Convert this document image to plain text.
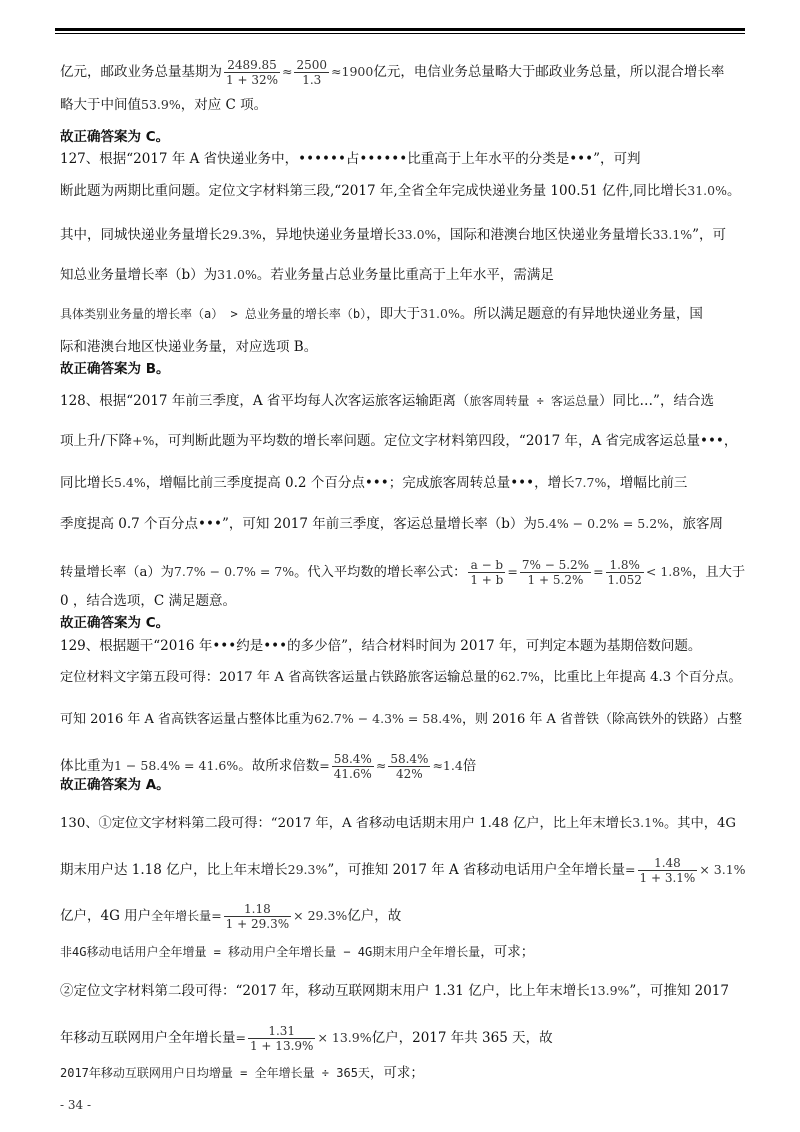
亿元，邮政业务总量基期为 $\frac{2489.85}{1 + 32\%} \approx \frac{2500}{1.3} \approx 1900$亿元，电信业务总量略大于邮政业务总量，所以混合增长率
略大于中间值53.9%，对应 C 项。
故正确答案为 C。
127、根据“2017 年 A 省快递业务中，••••••占••••••比重高于上年水平的分类是•••”，可判
断此题为两期比重问题。定位文字材料第三段,“2017 年,全省全年完成快递业务量 100.51 亿件,同比增长31.0%。
其中，同城快递业务量增长29.3%，异地快递业务量增长33.0%，国际和港澳台地区快递业务量增长33.1%”，可
知总业务量增长率（b）为31.0%。若业务量占总业务量比重高于上年水平，需满足
具体类别业务量的增长率（a） > 总业务量的增长率（b），即大于31.0%。所以满足题意的有异地快递业务量，国
际和港澳台地区快递业务量，对应选项 B。
故正确答案为 B。
128、根据“2017 年前三季度，A 省平均每人次客运旅客运输距离（旅客周转量 ÷ 客运总量）同比…”，结合选
项上升/下降+%，可判断此题为平均数的增长率问题。定位文字材料第四段，“2017 年，A 省完成客运总量•••，
同比增长5.4%，增幅比前三季度提高 0.2 个百分点•••；完成旅客周转总量•••，增长7.7%，增幅比前三
季度提高 0.7 个百分点•••”，可知 2017 年前三季度，客运总量增长率（b）为5.4% − 0.2% = 5.2%，旅客周
转量增长率（a）为7.7% − 0.7% = 7%。代入平均数的增长率公式： $\frac{a - b}{1 + b} = \frac{7\% - 5.2\%}{1 + 5.2\%} = \frac{1.8\%}{1.052} < 1.8\%$，且大于
0 ，结合选项，C 满足题意。
故正确答案为 C。
129、根据题干“2016 年•••约是•••的多少倍”，结合材料时间为 2017 年，可判定本题为基期倍数问题。
定位材料文字第五段可得：2017 年 A 省高铁客运量占铁路旅客运输总量的62.7%，比重比上年提高 4.3 个百分点。
可知 2016 年 A 省高铁客运量占整体比重为62.7% − 4.3% = 58.4%，则 2016 年 A 省普铁（除高铁外的铁路）占整
体比重为1 − 58.4% = 41.6%。故所求倍数= $\frac{58.4\%}{41.6\%} \approx \frac{58.4\%}{42\%} \approx 1.4$倍
故正确答案为 A。
130、①定位文字材料第二段可得：“2017 年，A 省移动电话期末用户 1.48 亿户，比上年末增长3.1%。其中，4G
期末用户达 1.18 亿户，比上年末增长29.3%”，可推知 2017 年 A 省移动电话用户全年增长量= $\frac{1.48}{1 + 3.1\%} \times 3.1\%$
亿户，4G 用户全年增长量= $\frac{1.18}{1 + 29.3\%} \times 29.3\%$亿户，故
非4G移动电话用户全年增量 = 移动用户全年增长量 − 4G期末用户全年增长量，可求；
②定位文字材料第二段可得：“2017 年，移动互联网期末用户 1.31 亿户，比上年末增长13.9%”，可推知 2017
年移动互联网用户全年增长量= $\frac{1.31}{1 + 13.9\%} \times 13.9\%$亿户，2017 年共 365 天，故
2017年移动互联网用户日均增量 = 全年增长量 ÷ 365天，可求；
- 34 -
